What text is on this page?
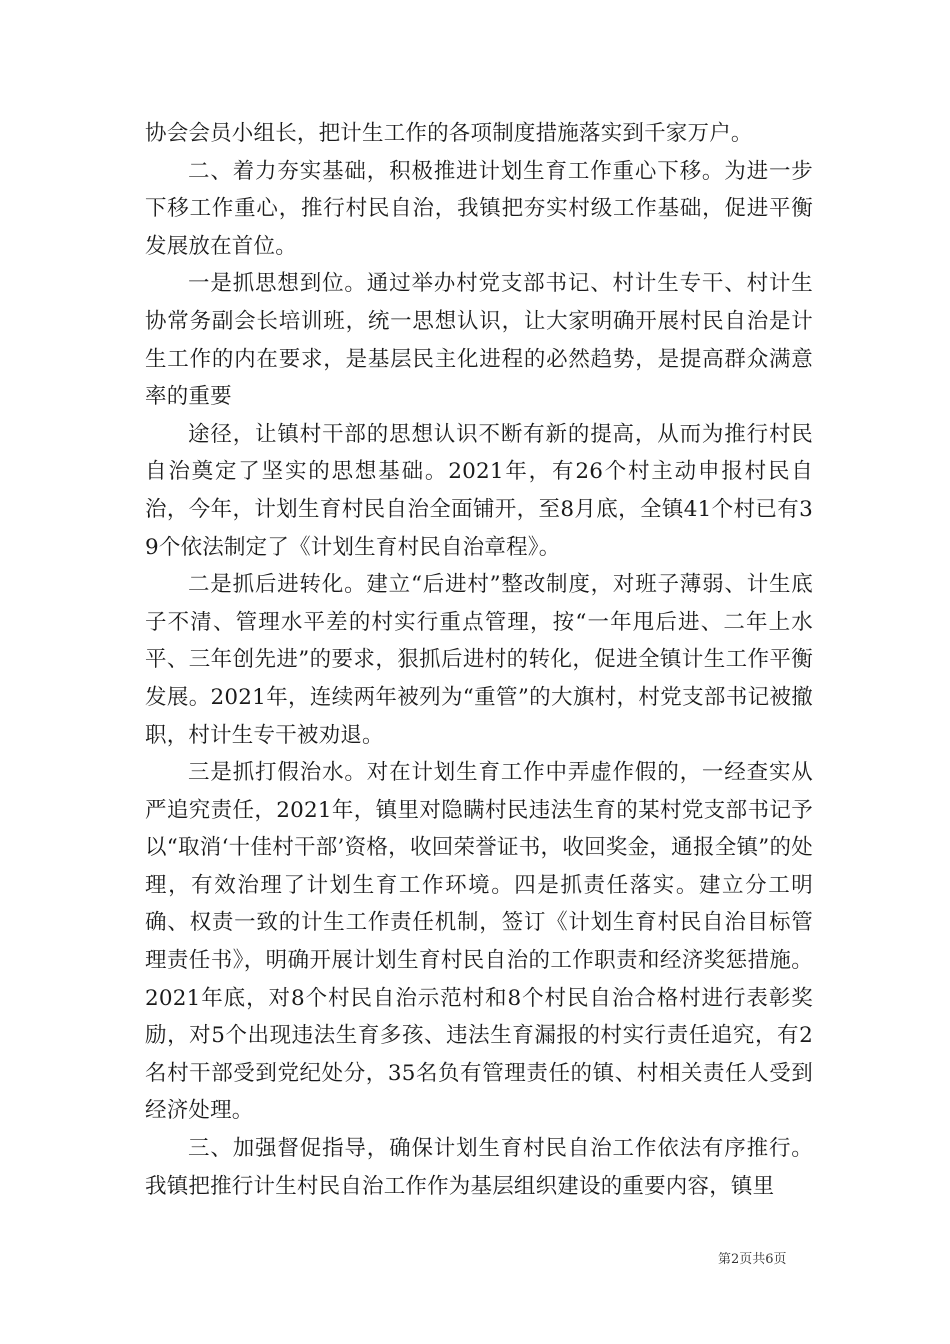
协会会员小组长，把计生工作的各项制度措施落实到千家万户。

二、着力夯实基础，积极推进计划生育工作重心下移。为进一步下移工作重心，推行村民自治，我镇把夯实村级工作基础，促进平衡发展放在首位。

一是抓思想到位。通过举办村党支部书记、村计生专干、村计生协常务副会长培训班，统一思想认识，让大家明确开展村民自治是计生工作的内在要求，是基层民主化进程的必然趋势，是提高群众满意率的重要

途径，让镇村干部的思想认识不断有新的提高，从而为推行村民自治奠定了坚实的思想基础。2021年，有26个村主动申报村民自治，今年，计划生育村民自治全面铺开，至8月底，全镇41个村已有39个依法制定了《计划生育村民自治章程》。

二是抓后进转化。建立“后进村”整改制度，对班子薄弱、计生底子不清、管理水平差的村实行重点管理，按“一年甩后进、二年上水平、三年创先进”的要求，狠抓后进村的转化，促进全镇计生工作平衡发展。2021年，连续两年被列为“重管”的大旗村，村党支部书记被撤职，村计生专干被劝退。

三是抓打假治水。对在计划生育工作中弄虚作假的，一经查实从严追究责任，2021年，镇里对隐瞒村民违法生育的某村党支部书记予以“取消‘十佳村干部’资格，收回荣誉证书，收回奖金，通报全镇”的处理，有效治理了计划生育工作环境。四是抓责任落实。建立分工明确、权责一致的计生工作责任机制，签订《计划生育村民自治目标管理责任书》，明确开展计划生育村民自治的工作职责和经济奖惩措施。2021年底，对8个村民自治示范村和8个村民自治合格村进行表彰奖励，对5个出现违法生育多孩、违法生育漏报的村实行责任追究，有2名村干部受到党纪处分，35名负有管理责任的镇、村相关责任人受到经济处理。

三、加强督促指导，确保计划生育村民自治工作依法有序推行。我镇把推行计生村民自治工作作为基层组织建设的重要内容，镇里

第2页共6页
